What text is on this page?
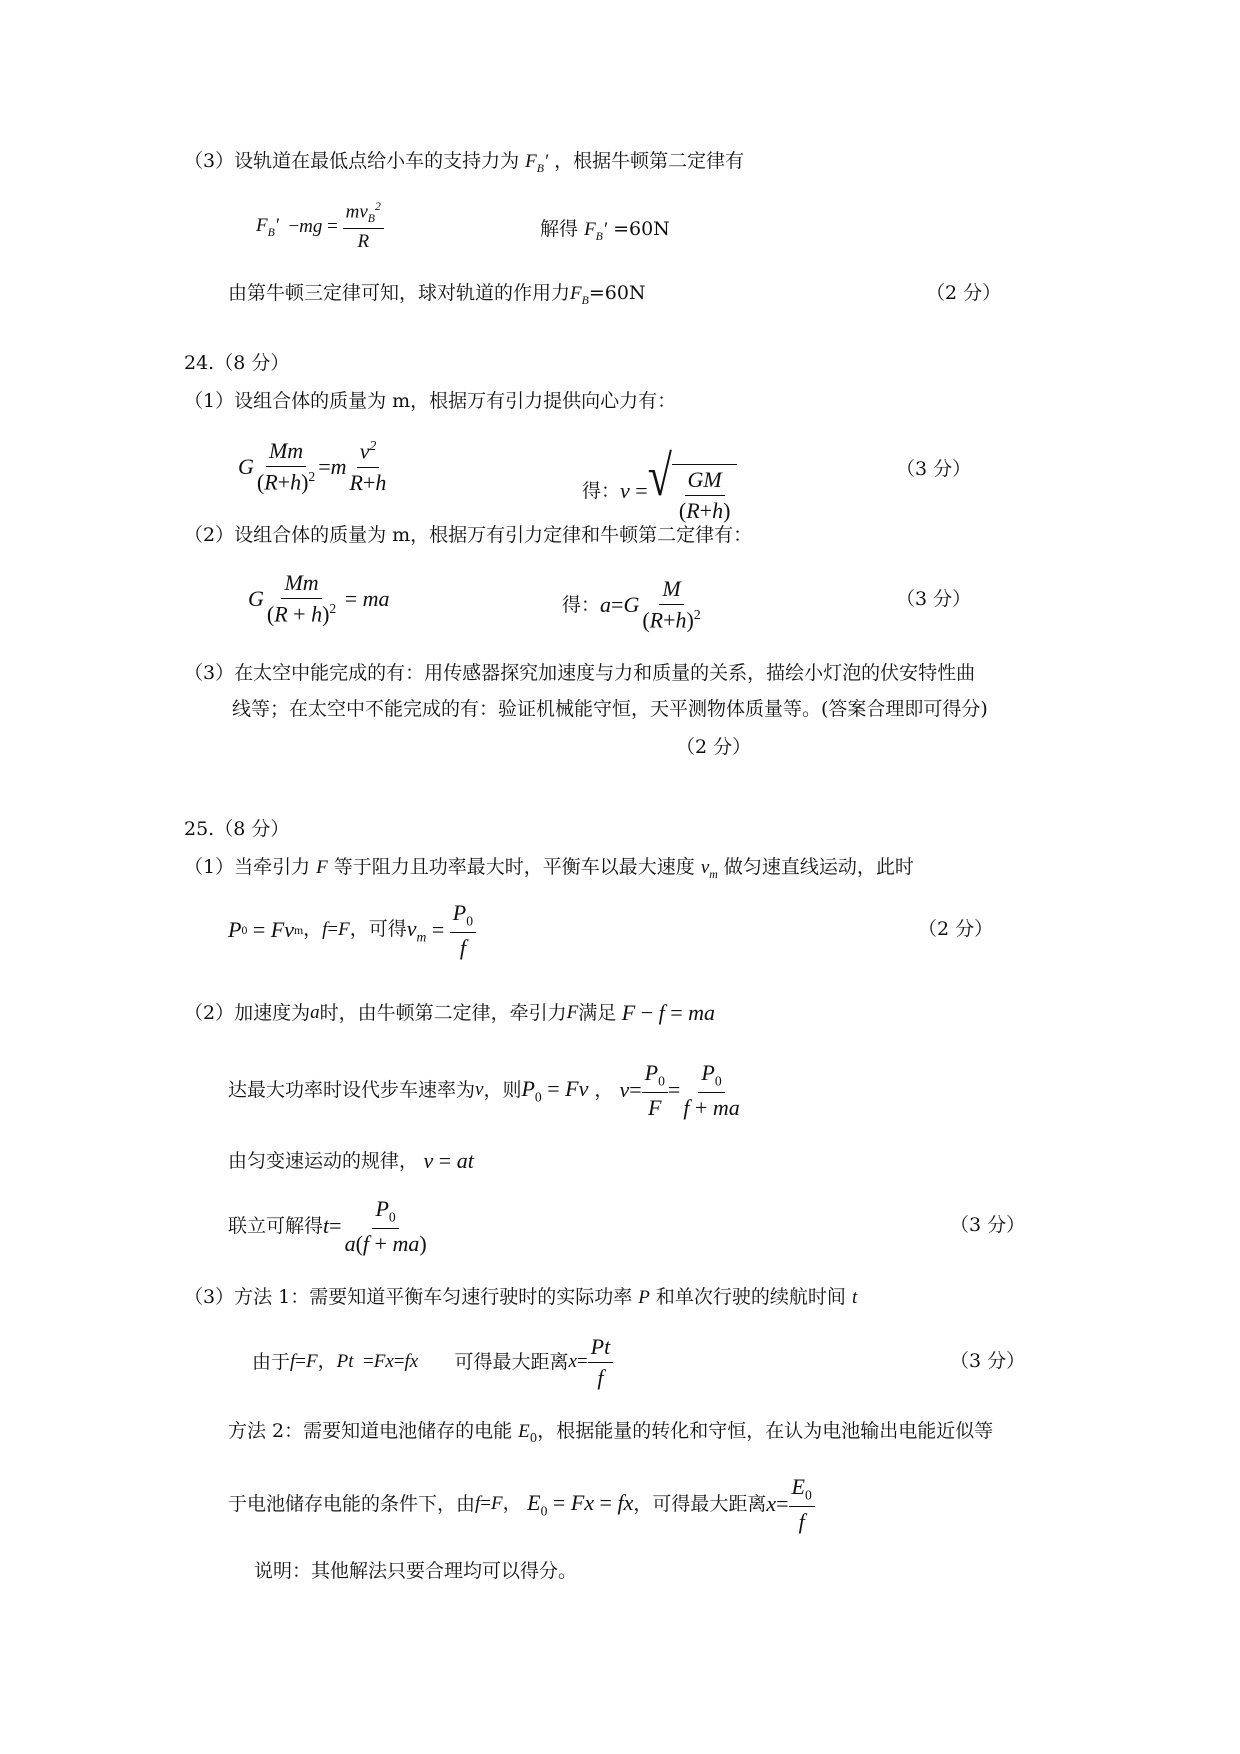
（3）设轨道在最低点给小车的支持力为 $F_B'$ ，根据牛顿第二定律有
$F_B'$ − mg = $\frac{mv_B^2}{R}$	解得 $F_B' =60N$
由第牛顿三定律可知，球对轨道的作用力$F_B=60N$	（2 分）
24.（8 分）
（1）设组合体的质量为 m，根据万有引力提供向心力有：
G $\frac{Mm}{(R+h)^2} = m \frac{v^2}{R+h}$	得： v = √ $\frac{GM}{(R+h)}$	（3 分）
（2）设组合体的质量为 m，根据万有引力定律和牛顿第二定律有：
G $\frac{Mm}{(R + h)^2}$ = ma	得： a = G $\frac{M}{(R+h)^2}$	（3 分）
（3）在太空中能完成的有：用传感器探究加速度与力和质量的关系，描绘小灯泡的伏安特性曲
线等；在太空中不能完成的有：验证机械能守恒，天平测物体质量等。(答案合理即可得分)
（2 分）
25.（8 分）
（1）当牵引力 F 等于阻力且功率最大时，平衡车以最大速度 $v_m$ 做匀速直线运动，此时
P 0 = Fv m ， f = F ，可得 $v_m = \frac{P_0}{f}$	（2 分）
（2）加速度为 a 时，由牛顿第二定律，牵引力 F 满足 F − f = ma
达最大功率时设代步车速率为 v ，则 $P_0 = Fv$ ， $v = \frac{P_0}{F} = \frac{P_0}{f + ma}$
由匀变速运动的规律， v = at
联立可解得 $t = \frac{P_0}{a(f + ma)}$	（3 分）
（3）方法 1：需要知道平衡车匀速行驶时的实际功率 P 和单次行驶的续航时间 t
由于 f=F，Pt  =Fx=fx
可得最大距离 $x = \frac{Pt}{f}$	（3 分）
方法 2：需要知道电池储存的电能 $E_0$，根据能量的转化和守恒，在认为电池输出电能近似等
于电池储存电能的条件下，由 f=F， $E_0 = Fx$ = fx ，可得最大距离 $x = \frac{E_0}{f}$
说明：其他解法只要合理均可以得分。
